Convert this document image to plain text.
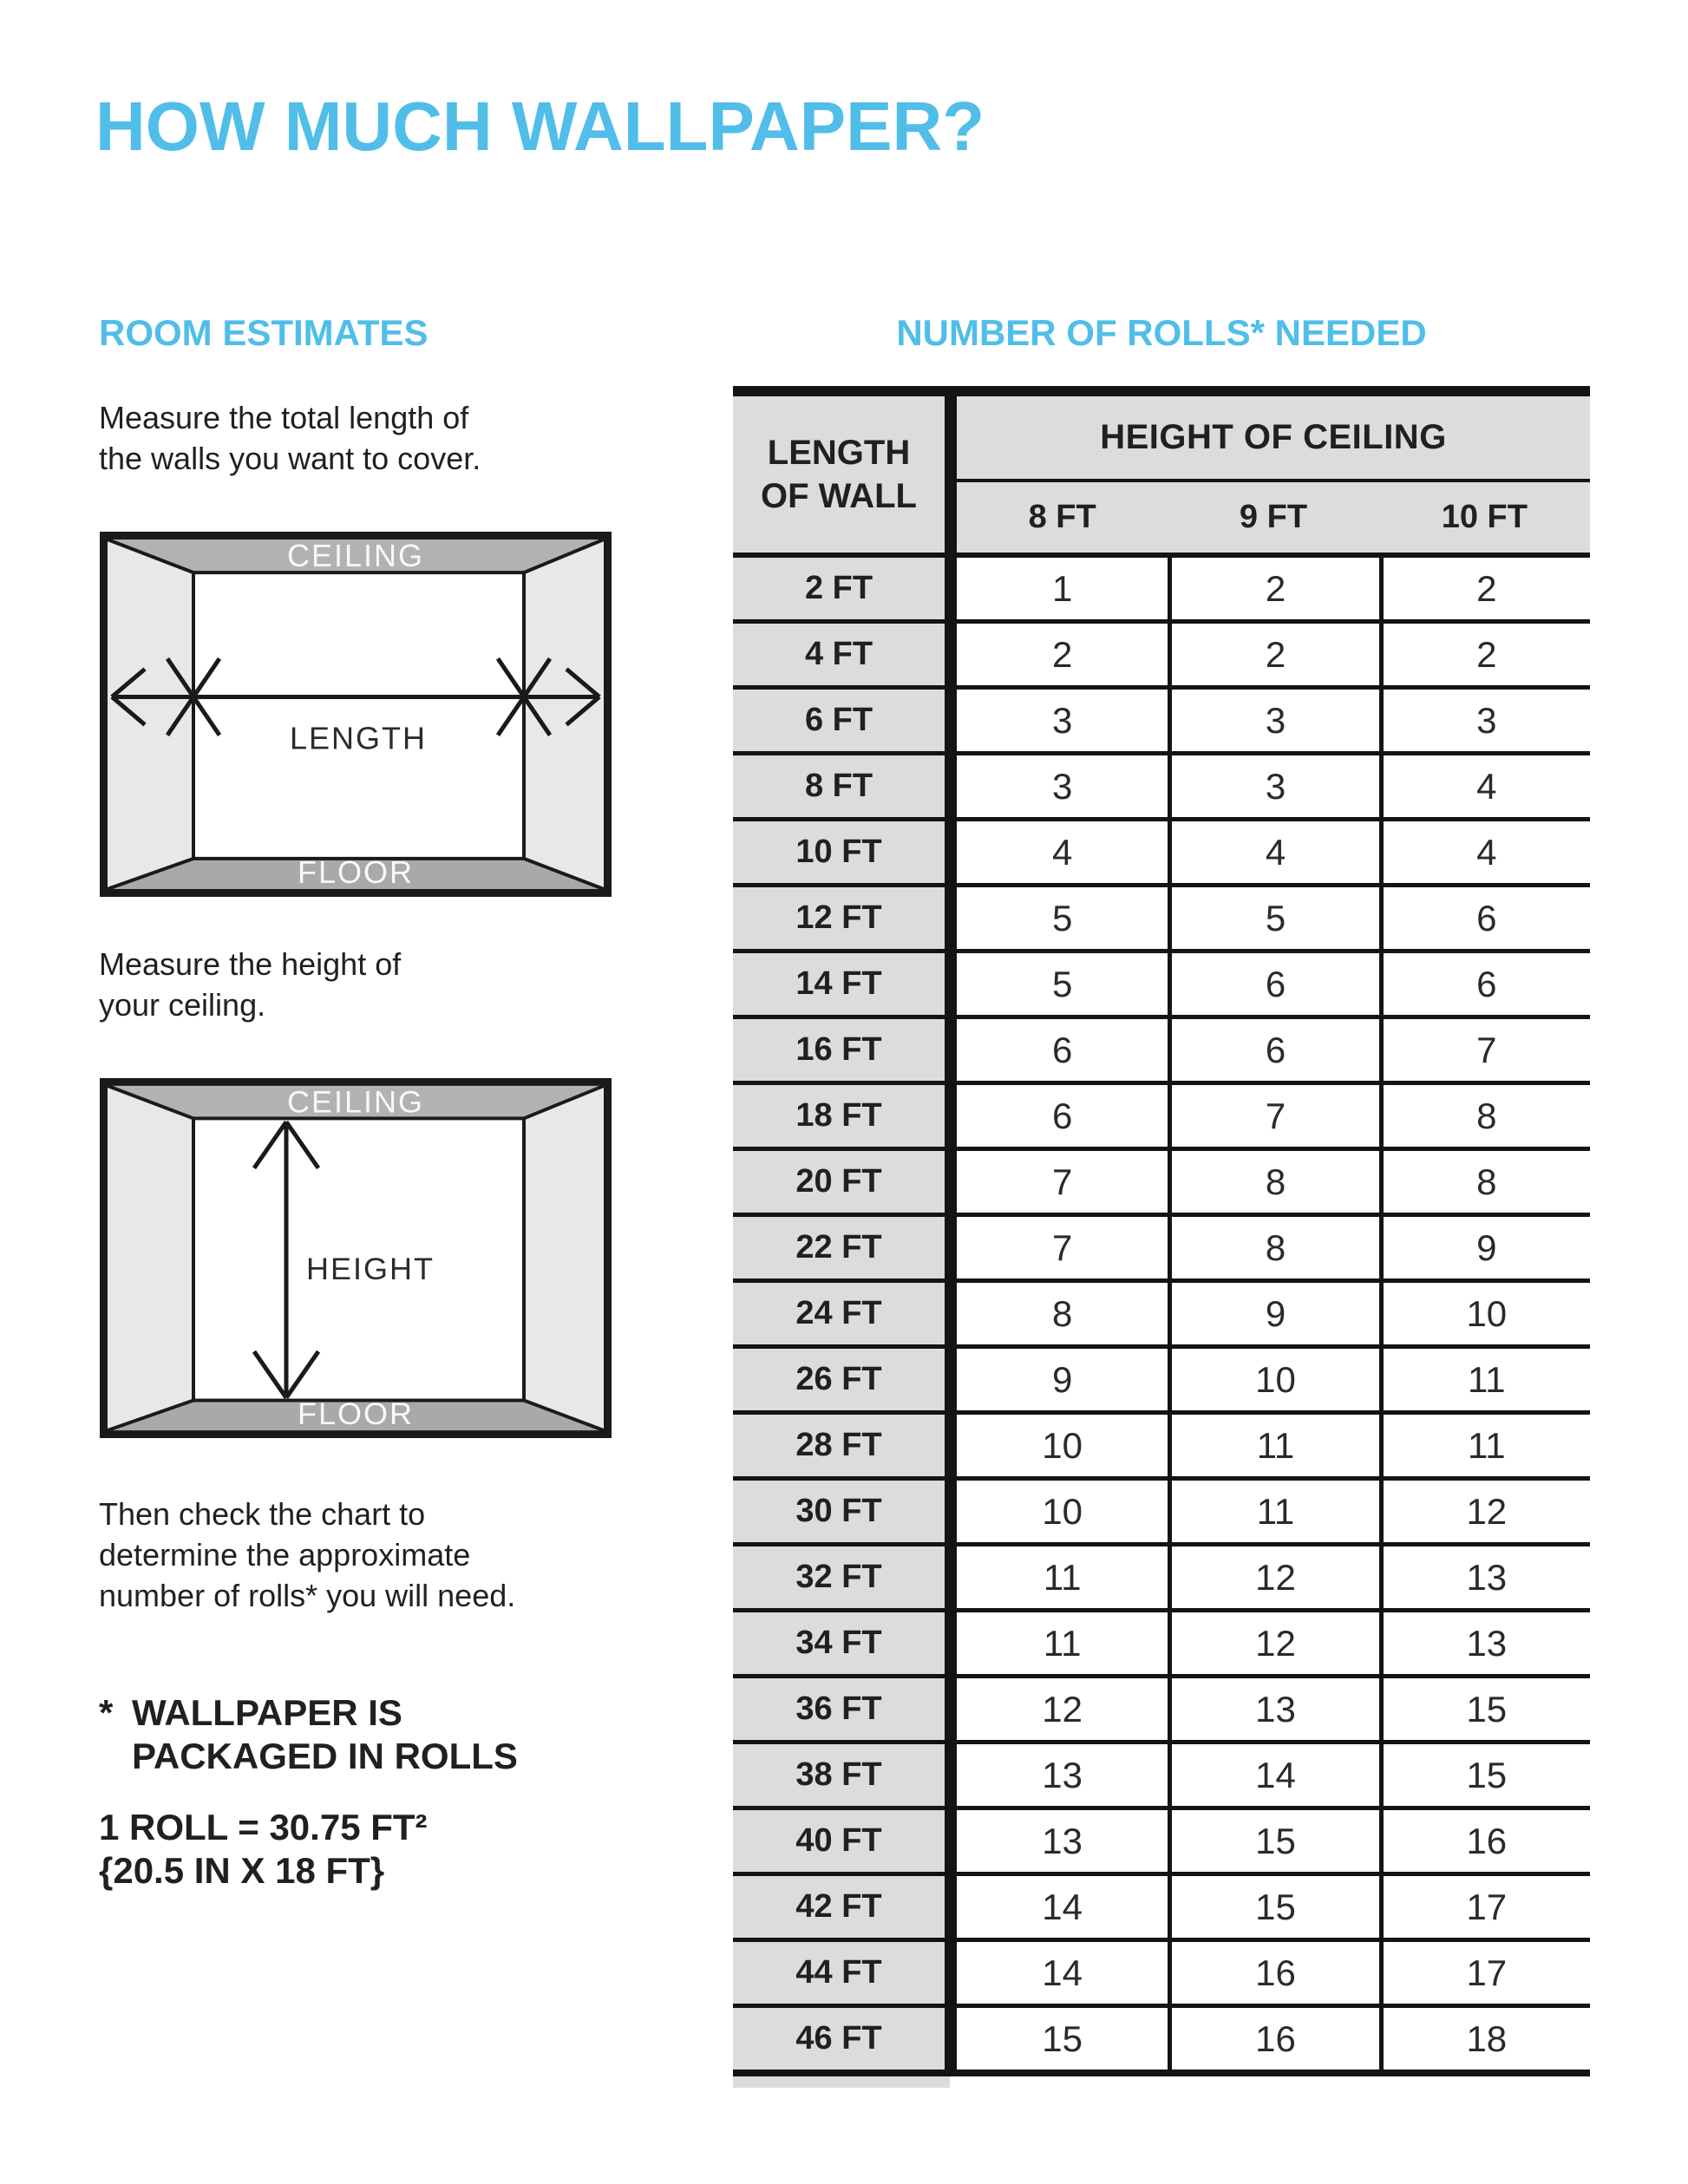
HOW MUCH WALLPAPER?
ROOM ESTIMATES

Measure the total length of
the walls you want to cover.

CEILING
FLOOR
LENGTH

Measure the height of
your ceiling.

CEILING
FLOOR
HEIGHT

Then check the chart to
determine the approximate
number of rolls* you will need.

* WALLPAPER IS
PACKAGED IN ROLLS
1 ROLL = 30.75 FT²
{20.5 IN X 18 FT}
NUMBER OF ROLLS* NEEDED
LENGTH
OF WALL
HEIGHT OF CEILING
8 FT	9 FT	10 FT
2 FT	1	2	2
4 FT	2	2	2
6 FT	3	3	3
8 FT	3	3	4
10 FT	4	4	4
12 FT	5	5	6
14 FT	5	6	6
16 FT	6	6	7
18 FT	6	7	8
20 FT	7	8	8
22 FT	7	8	9
24 FT	8	9	10
26 FT	9	10	11
28 FT	10	11	11
30 FT	10	11	12
32 FT	11	12	13
34 FT	11	12	13
36 FT	12	13	15
38 FT	13	14	15
40 FT	13	15	16
42 FT	14	15	17
44 FT	14	16	17
46 FT	15	16	18
